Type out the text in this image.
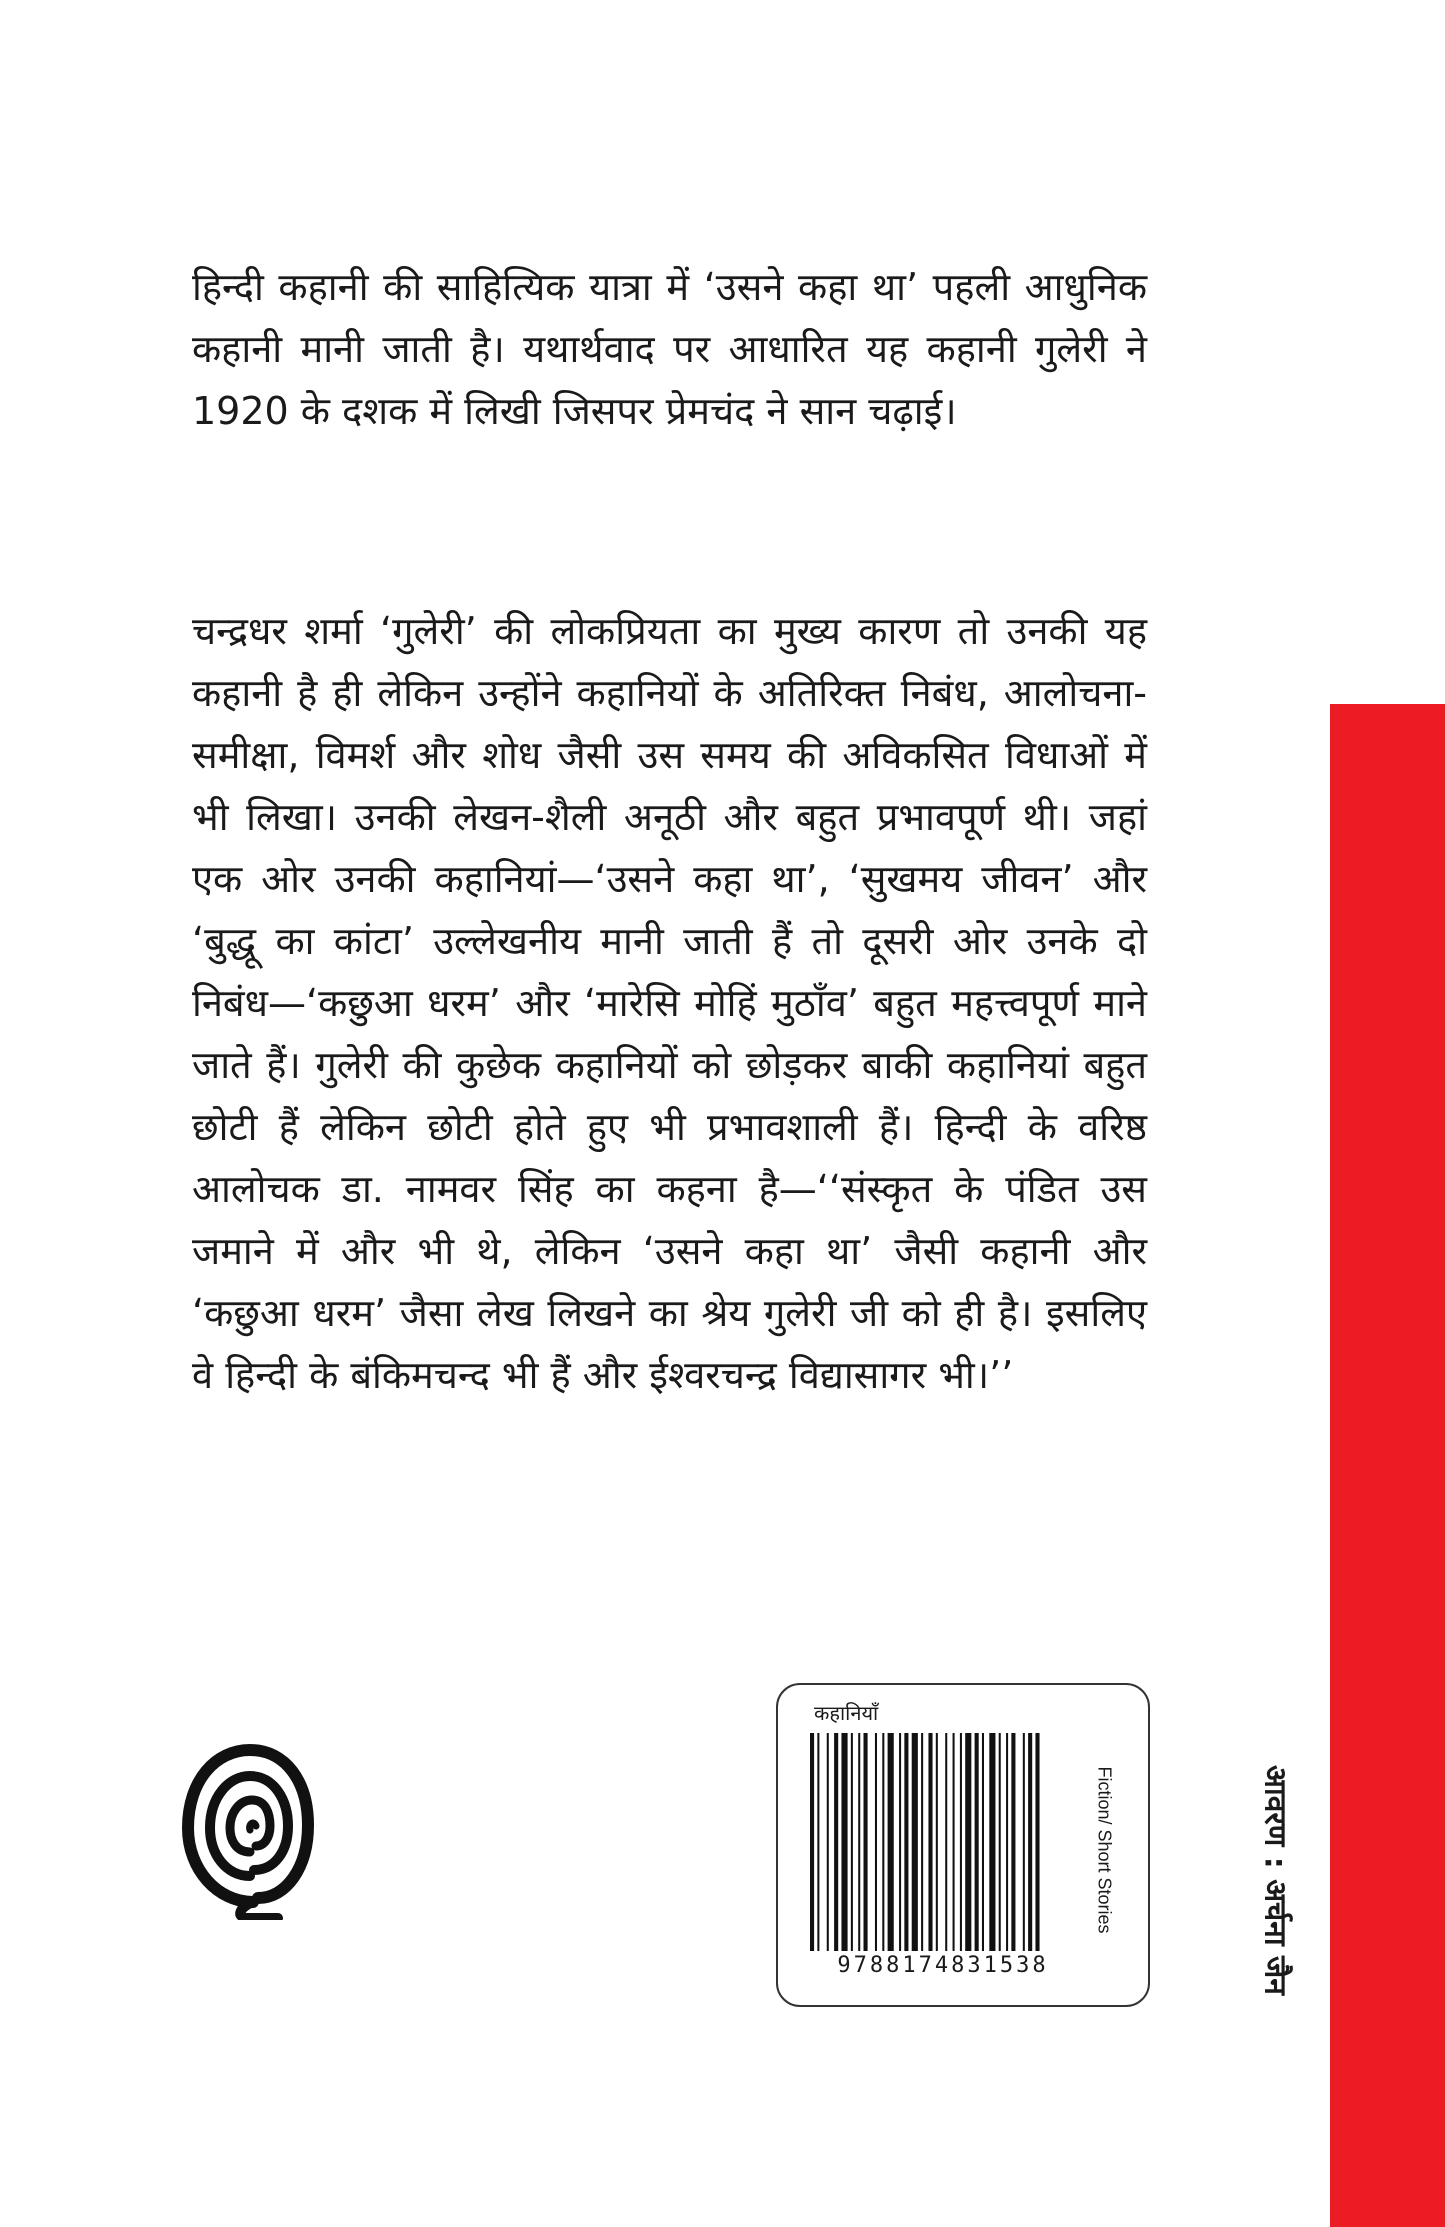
हिन्दी कहानी की साहित्यिक यात्रा में ‘उसने कहा था’ पहली आधुनिक कहानी मानी जाती है। यथार्थवाद पर आधारित यह कहानी गुलेरी ने 1920 के दशक में लिखी जिसपर प्रेमचंद ने सान चढ़ाई।

चन्द्रधर शर्मा ‘गुलेरी’ की लोकप्रियता का मुख्य कारण तो उनकी यह कहानी है ही लेकिन उन्होंने कहानियों के अतिरिक्त निबंध, आलोचना-समीक्षा, विमर्श और शोध जैसी उस समय की अविकसित विधाओं में भी लिखा। उनकी लेखन-शैली अनूठी और बहुत प्रभावपूर्ण थी। जहां एक ओर उनकी कहानियां—‘उसने कहा था’, ‘सुखमय जीवन’ और ‘बुद्धू का कांटा’ उल्लेखनीय मानी जाती हैं तो दूसरी ओर उनके दो निबंध—‘कछुआ धरम’ और ‘मारेसि मोहिं मुठाँव’ बहुत महत्त्वपूर्ण माने जाते हैं। गुलेरी की कुछेक कहानियों को छोड़कर बाकी कहानियां बहुत छोटी हैं लेकिन छोटी होते हुए भी प्रभावशाली हैं। हिन्दी के वरिष्ठ आलोचक डा. नामवर सिंह का कहना है—‘‘संस्कृत के पंडित उस जमाने में और भी थे, लेकिन ‘उसने कहा था’ जैसी कहानी और ‘कछुआ धरम’ जैसा लेख लिखने का श्रेय गुलेरी जी को ही है। इसलिए वे हिन्दी के बंकिमचन्द भी हैं और ईश्वरचन्द्र विद्यासागर भी।’’

आवरण : अर्चना जैन
कहानियाँ
9788174831538
Fiction/ Short Stories
